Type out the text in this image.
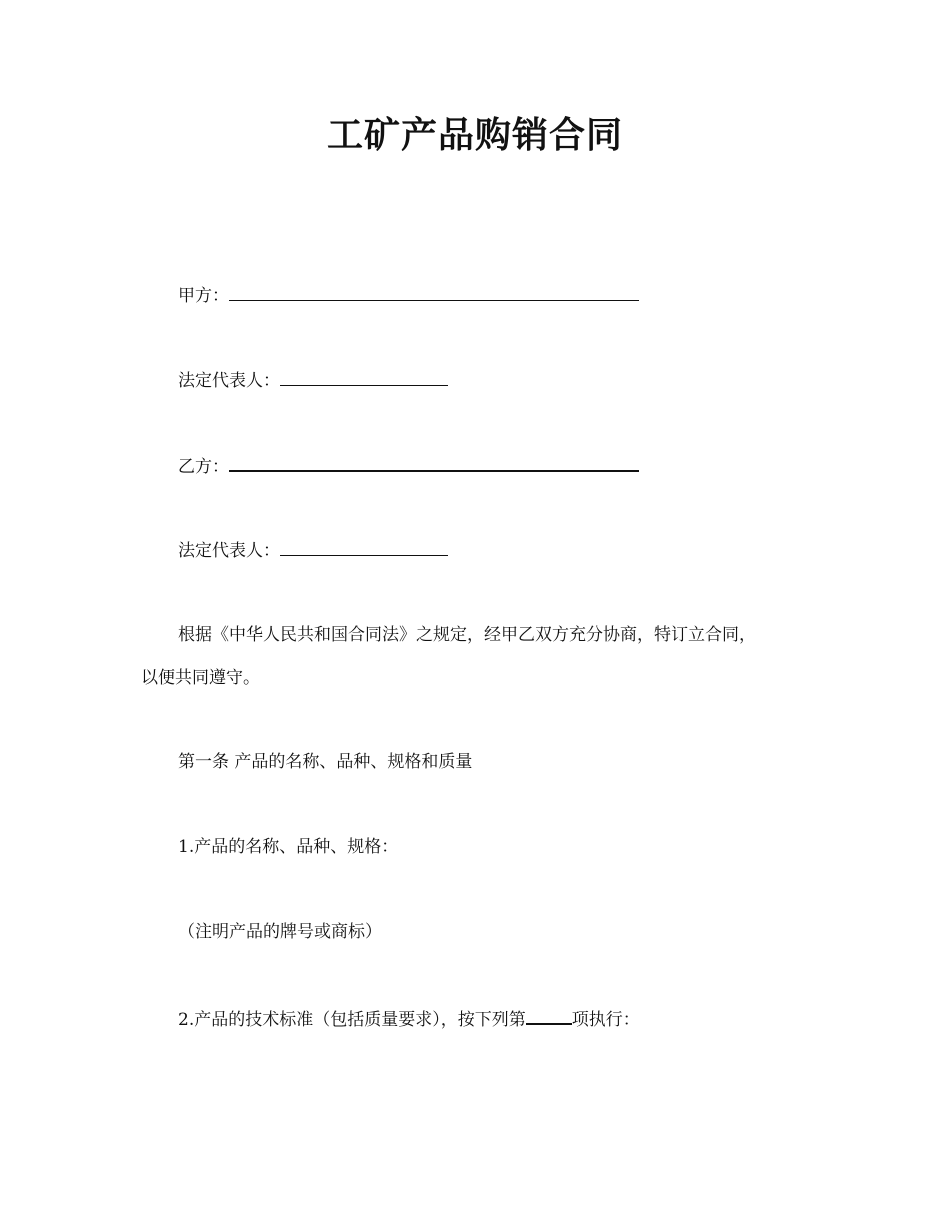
工矿产品购销合同
甲方：
法定代表人：
乙方：
法定代表人：
根据《中华人民共和国合同法》之规定，经甲乙双方充分协商，特订立合同，
以便共同遵守。
第一条 产品的名称、品种、规格和质量
1.产品的名称、品种、规格：
（注明产品的牌号或商标）
2.产品的技术标准（包括质量要求），按下列第	项执行：
